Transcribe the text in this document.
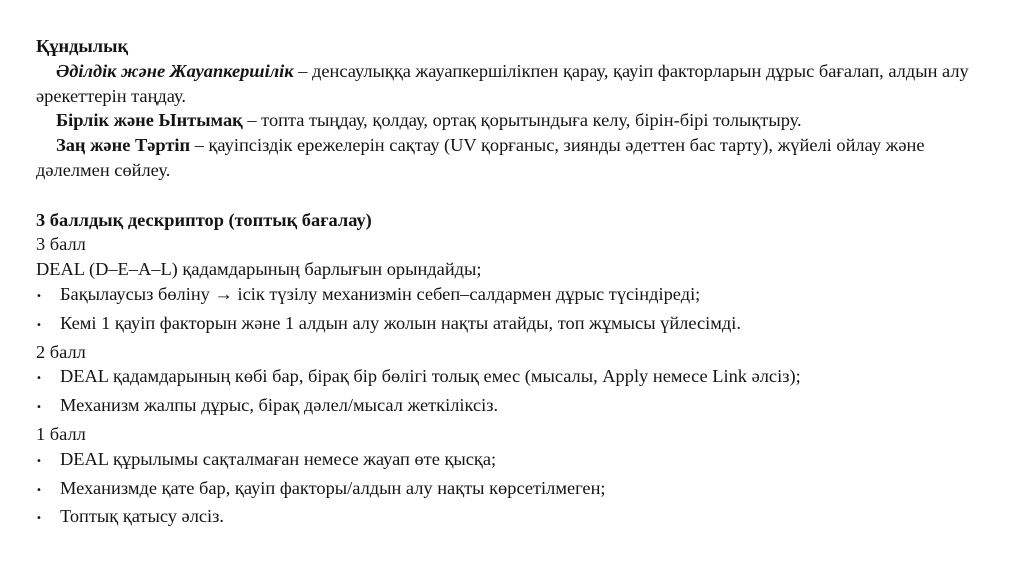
Құндылық
Әділдік және Жауапкершілік – денсаулыққа жауапкершілікпен қарау, қауіп факторларын дұрыс бағалап, алдын алу әрекеттерін таңдау.
Бірлік және Ынтымақ – топта тыңдау, қолдау, ортақ қорытындыға келу, бірін-бірі толықтыру.
Заң және Тәртіп – қауіпсіздік ережелерін сақтау (UV қорғаныс, зиянды әдеттен бас тарту), жүйелі ойлау және дәлелмен сөйлеу.
3 баллдық дескриптор (топтық бағалау)
3 балл
DEAL (D–E–A–L) қадамдарының барлығын орындайды;
• Бақылаусыз бөліну → ісік түзілу механизмін себеп–салдармен дұрыс түсіндіреді;
• Кемі 1 қауіп факторын және 1 алдын алу жолын нақты атайды, топ жұмысы үйлесімді.
2 балл
• DEAL қадамдарының көбі бар, бірақ бір бөлігі толық емес (мысалы, Apply немесе Link әлсіз);
• Механизм жалпы дұрыс, бірақ дәлел/мысал жеткіліксіз.
1 балл
• DEAL құрылымы сақталмаған немесе жауап өте қысқа;
• Механизмде қате бар, қауіп факторы/алдын алу нақты көрсетілмеген;
• Топтық қатысу әлсіз.
